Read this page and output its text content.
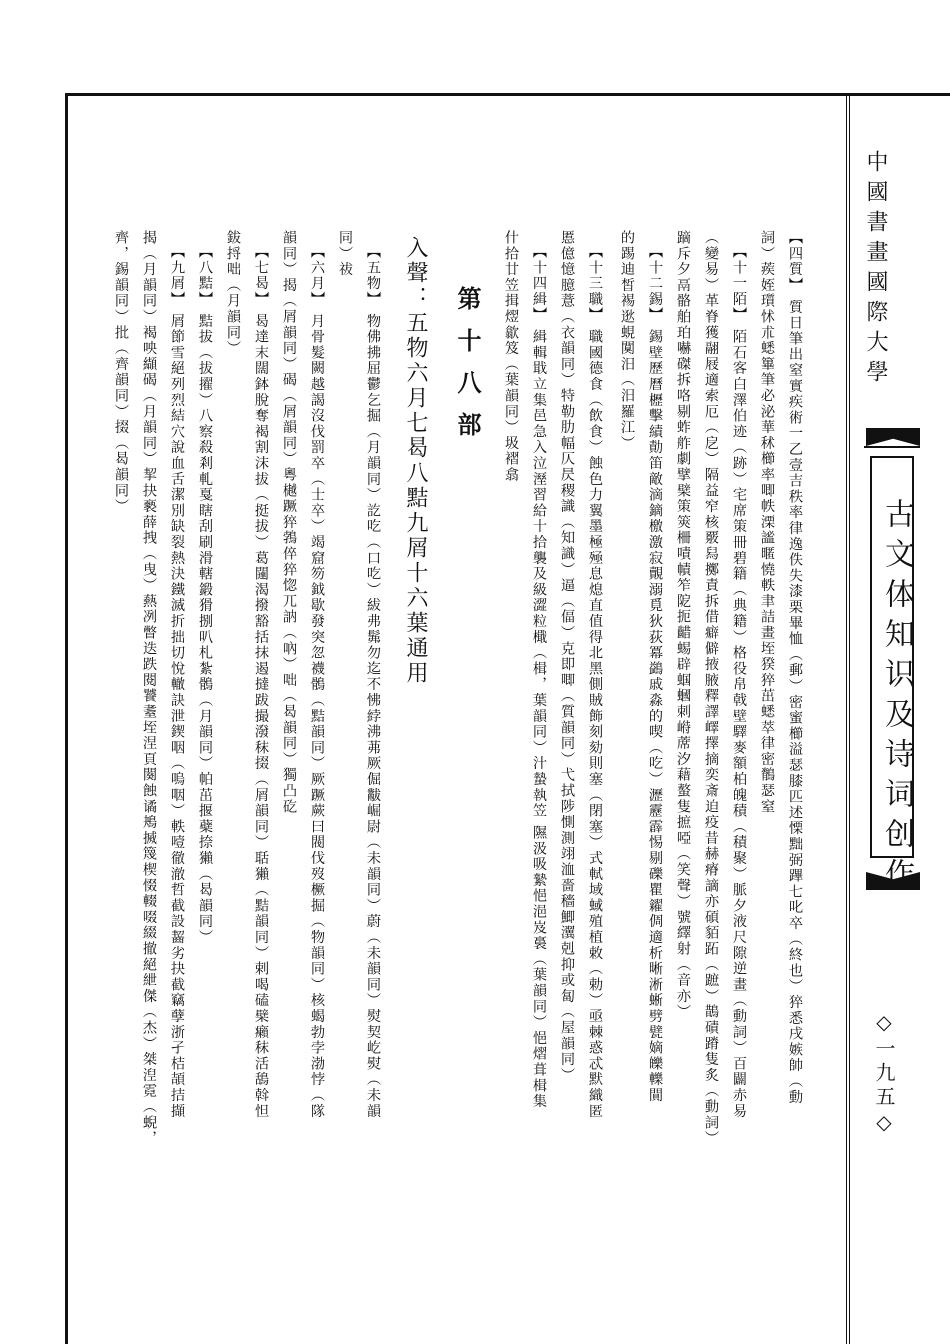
中國書畫國際大學
古文体知识及诗词创作
◇一九五◇
【四質】 質日筆出窒實疾術一乙壹吉秩率律逸佚失漆栗畢恤（郵）密蜜櫛溢瑟膝匹述慄黜弼蹕七叱卒（終也）猝悉戌嫉帥（動
詞）蒺姪瓆怵朮蟋篳筆必泌華秫櫛率唧帙溧謐暱憢軼聿詰畫垤猤猝茁蟋萃律密鶺瑟窒
【十一陌】 陌石客白澤伯迹（跡）宅席策冊碧籍（典籍）格役帛戟壁驛麥額柏魄積（積聚）脈夕液尺隙逆畫（動詞）百闢赤易
（變易）革脊獲翮屐適索厄（戹）隔益窄核覈舄擲責拆借癖僻掖腋釋譯嶧擇摘奕斎迫疫昔赫瘠謫亦碩貊跖（蹠）鵲磧蹐隻炙（動詞）
蹢斥夕鬲骼舶珀嚇磔拆咯剔蚱舴劇擘檗策筴柵嘖幘笮阸扼齰蜴辟蝈蟈刺崻蓆汐藉螯隻摭啞（笑聲）號繹射（音亦）
【十二錫】 錫壁歷曆櫪擊績勣笛敵滴鏑檄激寂覿溺覓狄荻冪鷁戚淼的喫（吃）瀝靂霹惕剔礫瞿糴倜適析晰淅蜥劈甓嫡皪轢閴
的踢迪皙裼逖蜆闃汨（汨羅江）
【十三職】 職國德食（飲食）蝕色力翼墨極殛息熄直值得北黑側賊飾刻劾則塞（閉塞）式軾域蜮殖植敕（勅）亟棘惑忒默織匿
慝億憶臆薏（衣韻同）特勒肋幅仄昃稷識（知識）逼（偪）克即唧（質韻同）弋拭陟惻測翊洫嗇穡鯽瀷剋抑或匐（屋韻同）
【十四緝】 緝輯戢立集邑急入泣溼習給十拾襲及級澀粒檝（楫，葉韻同）汁蟄執笠 隰汲吸縶悒浥岌裛（葉韻同）悒熠葺楫集
什拾廿笠揖熤歙笈（葉韻同）圾褶翕
第十八部
入聲：五物六月七曷八黠九屑十六葉通用
【五物】 物佛拂屈鬱乞掘（月韻同）訖吃（口吃）紱弗髴勿迄不怫綍沸茀厥倔黻崛尉（未韻同）蔚（未韻同）熨契屹熨（未韻
同）祓
【六月】 月骨髮闕越謁沒伐罰卒（士卒）竭窟笏鉞歇發突忽襪鶻（黠韻同）厥蹶蕨曰閥伐歿橛掘（物韻同）核蝎勃孛渤悖（隊
韻同）揭（屑韻同）碣（屑韻同）粵樾蹶猝鵓倅猝惚兀訥（吶）咄（曷韻同）獨凸矻
【七曷】 曷達末闊鉢脫奪褐割沫拔（挺拔）葛闥渴撥豁括抹遏撻跋撮潑秣掇（屑韻同）聒獺（黠韻同）剌喝磕檗癩秣活鴰斡怛
鈸捋咄（月韻同）
【八黠】 黠拔（拔擢）八察殺剎軋戛瞎刮刷滑轄鍛猾捌叭札紮鶻（月韻同）帕茁揠蘗捺獺（曷韻同）
【九屑】 屑節雪絕列烈結穴說血舌潔別缺裂熱決鐵滅折拙切悅轍訣泄鍥咽（嗚咽）軼噎徹澈哲截設齧劣抉截竊孽浙孑桔頡拮擷
揭（月韻同）褐咉纈碣（月韻同）挈抉褻薛拽（曳）爇冽瞥迭跌閱饕耋垤涅頁闋蝕谲鴂搣篾楔惙輟啜綴撤絕紲傑（杰）桀湼霓（蜺，
齊，錫韻同）批（齊韻同）掇（曷韻同）
